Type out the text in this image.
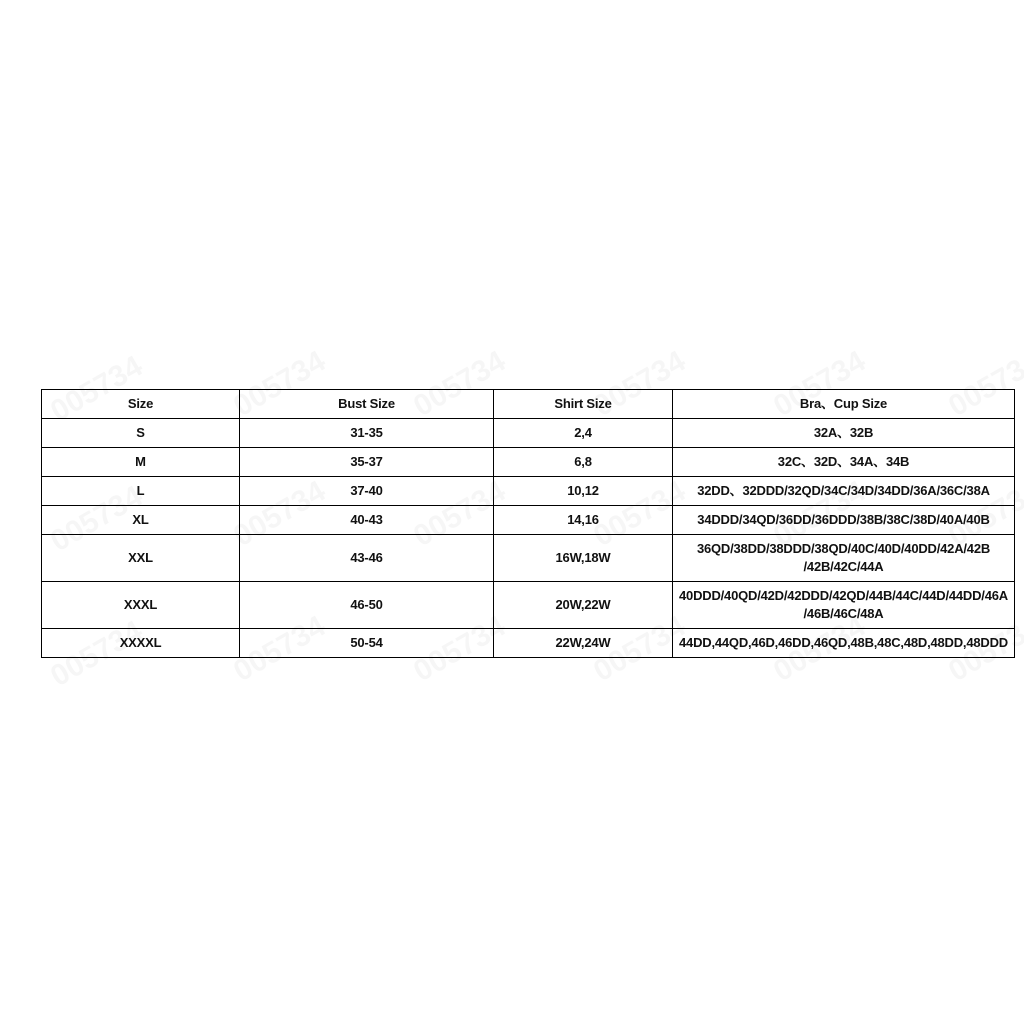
Size	Bust Size	Shirt Size	Bra、Cup Size
S	31-35	2,4	32A、32B
M	35-37	6,8	32C、32D、34A、34B
L	37-40	10,12	32DD、32DDD/32QD/34C/34D/34DD/36A/36C/38A
XL	40-43	14,16	34DDD/34QD/36DD/36DDD/38B/38C/38D/40A/40B
XXL	43-46	16W,18W	36QD/38DD/38DDD/38QD/40C/40D/40DD/42A/42B
/42B/42C/44A

XXXL	46-50	20W,22W	40DDD/40QD/42D/42DDD/42QD/44B/44C/44D/44DD/46A
/46B/46C/48A

XXXXL	50-54	22W,24W	44DD,44QD,46D,46DD,46QD,48B,48C,48D,48DD,48DDD
